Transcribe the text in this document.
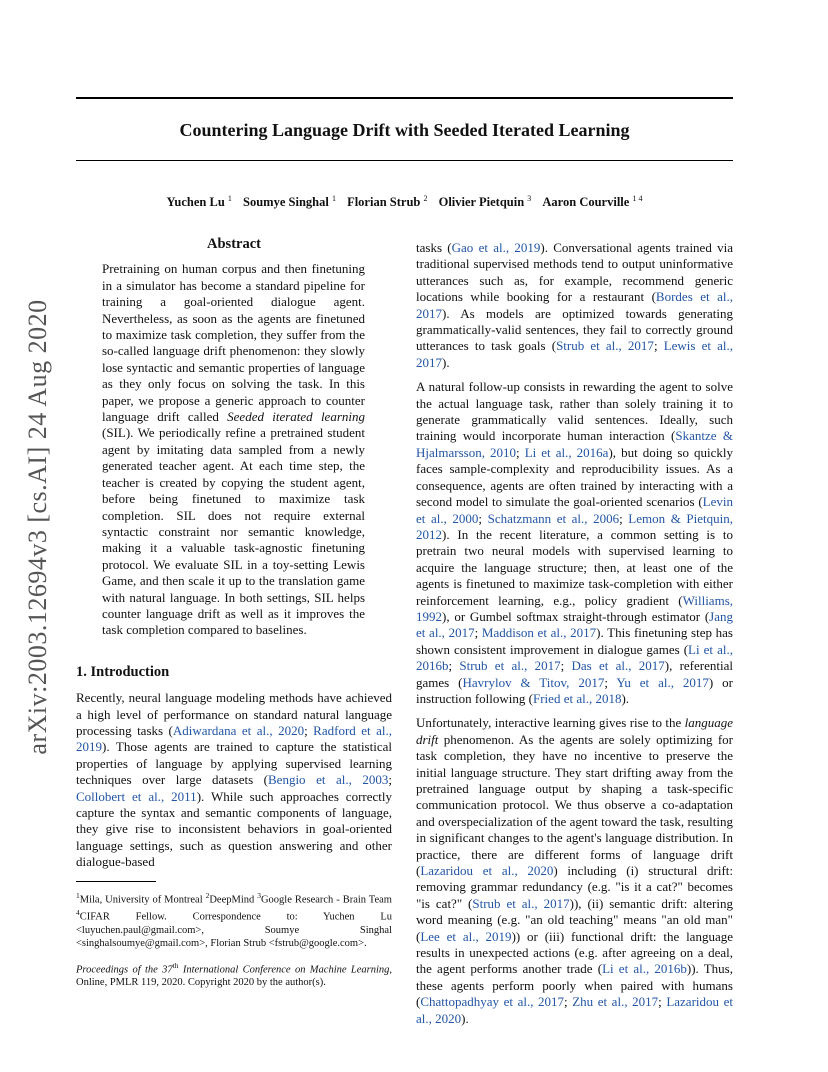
Countering Language Drift with Seeded Iterated Learning
Yuchen Lu $^1$ Soumye Singhal $^1$ Florian Strub $^2$ Olivier Pietquin $^3$ Aaron Courville $^{1 4}$
arXiv:2003.12694v3 [cs.AI] 24 Aug 2020
Abstract

Pretraining on human corpus and then finetuning in a simulator has become a standard pipeline for training a goal-oriented dialogue agent. Nevertheless, as soon as the agents are finetuned to maximize task completion, they suffer from the so-called language drift phenomenon: they slowly lose syntactic and semantic properties of language as they only focus on solving the task. In this paper, we propose a generic approach to counter language drift called Seeded iterated learning (SIL). We periodically refine a pretrained student agent by imitating data sampled from a newly generated teacher agent. At each time step, the teacher is created by copying the student agent, before being finetuned to maximize task completion. SIL does not require external syntactic constraint nor semantic knowledge, making it a valuable task-agnostic finetuning protocol. We evaluate SIL in a toy-setting Lewis Game, and then scale it up to the translation game with natural language. In both settings, SIL helps counter language drift as well as it improves the task completion compared to baselines.

1. Introduction

Recently, neural language modeling methods have achieved a high level of performance on standard natural language processing tasks (Adiwardana et al., 2020; Radford et al., 2019). Those agents are trained to capture the statistical properties of language by applying supervised learning techniques over large datasets (Bengio et al., 2003; Collobert et al., 2011). While such approaches correctly capture the syntax and semantic components of language, they give rise to inconsistent behaviors in goal-oriented language settings, such as question answering and other dialogue-based

$^1$Mila, University of Montreal $^2$DeepMind $^3$Google Research - Brain Team $^4$CIFAR Fellow. Correspondence to: Yuchen Lu <luyuchen.paul@gmail.com>, Soumye Singhal <singhalsoumye@gmail.com>, Florian Strub <fstrub@google.com>.

Proceedings of the 37th International Conference on Machine Learning, Online, PMLR 119, 2020. Copyright 2020 by the author(s).

tasks (Gao et al., 2019). Conversational agents trained via traditional supervised methods tend to output uninformative utterances such as, for example, recommend generic locations while booking for a restaurant (Bordes et al., 2017). As models are optimized towards generating grammatically-valid sentences, they fail to correctly ground utterances to task goals (Strub et al., 2017; Lewis et al., 2017).

A natural follow-up consists in rewarding the agent to solve the actual language task, rather than solely training it to generate grammatically valid sentences. Ideally, such training would incorporate human interaction (Skantze & Hjalmarsson, 2010; Li et al., 2016a), but doing so quickly faces sample-complexity and reproducibility issues. As a consequence, agents are often trained by interacting with a second model to simulate the goal-oriented scenarios (Levin et al., 2000; Schatzmann et al., 2006; Lemon & Pietquin, 2012). In the recent literature, a common setting is to pretrain two neural models with supervised learning to acquire the language structure; then, at least one of the agents is finetuned to maximize task-completion with either reinforcement learning, e.g., policy gradient (Williams, 1992), or Gumbel softmax straight-through estimator (Jang et al., 2017; Maddison et al., 2017). This finetuning step has shown consistent improvement in dialogue games (Li et al., 2016b; Strub et al., 2017; Das et al., 2017), referential games (Havrylov & Titov, 2017; Yu et al., 2017) or instruction following (Fried et al., 2018).

Unfortunately, interactive learning gives rise to the language drift phenomenon. As the agents are solely optimizing for task completion, they have no incentive to preserve the initial language structure. They start drifting away from the pretrained language output by shaping a task-specific communication protocol. We thus observe a co-adaptation and overspecialization of the agent toward the task, resulting in significant changes to the agent's language distribution. In practice, there are different forms of language drift (Lazaridou et al., 2020) including (i) structural drift: removing grammar redundancy (e.g. "is it a cat?" becomes "is cat?" (Strub et al., 2017)), (ii) semantic drift: altering word meaning (e.g. "an old teaching" means "an old man" (Lee et al., 2019)) or (iii) functional drift: the language results in unexpected actions (e.g. after agreeing on a deal, the agent performs another trade (Li et al., 2016b)). Thus, these agents perform poorly when paired with humans (Chattopadhyay et al., 2017; Zhu et al., 2017; Lazaridou et al., 2020).
